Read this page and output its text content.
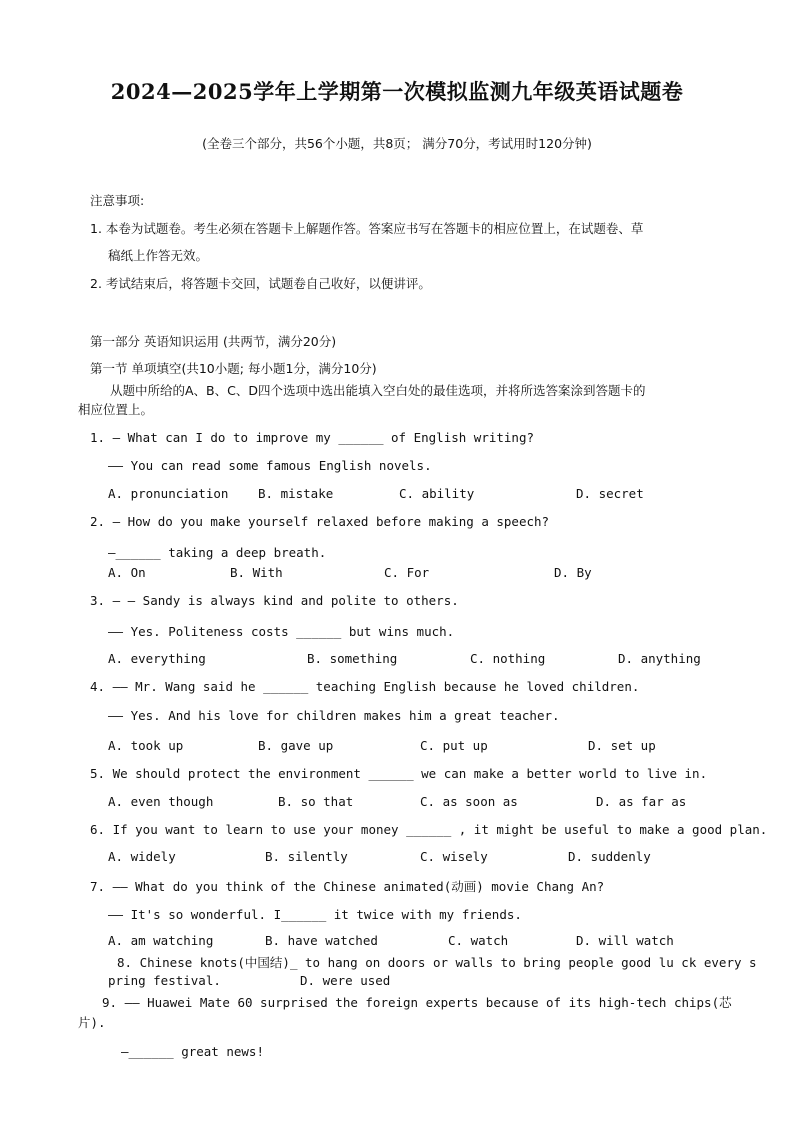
2024—2025学年上学期第一次模拟监测九年级英语试题卷
(全卷三个部分，共56个小题，共8页； 满分70分，考试用时120分钟)
注意事项:
1. 本卷为试题卷。考生必须在答题卡上解题作答。答案应书写在答题卡的相应位置上，在试题卷、草
稿纸上作答无效。
2. 考试结束后，将答题卡交回，试题卷自己收好，以便讲评。
第一部分 英语知识运用 (共两节，满分20分)
第一节 单项填空(共10小题; 每小题1分，满分10分)
从题中所给的A、B、C、D四个选项中选出能填入空白处的最佳选项，并将所选答案涂到答题卡的
相应位置上。
1. — What can I do to improve my ______ of English writing?
—— You can read some famous English novels.
A. pronunciation B. mistake	C. ability	D. secret
2. — How do you make yourself relaxed before making a speech?
—______ taking a deep breath.
A. On	B. With	C. For	D. By
3. — — Sandy is always kind and polite to others.
—— Yes. Politeness costs ______ but wins much.
A. everything	B. something	C. nothing	D. anything
4. —— Mr. Wang said he ______ teaching English because he loved children.
—— Yes. And his love for children makes him a great teacher.
A. took up	B. gave up	C. put up	D. set up
5. We should protect the environment ______ we can make a better world to live in.
A. even though	B. so that	C. as soon as	D. as far as
6. If you want to learn to use your money ______ , it might be useful to make a good plan.
A. widely	B. silently	C. wisely	D. suddenly
7. —— What do you think of the Chinese animated(动画) movie Chang An?
—— It's so wonderful. I______ it twice with my friends.
A. am watching	B. have watched	C. watch	D. will watch
8. Chinese knots(中国结)_ to hang on doors or walls to bring people good lu ck every s
pring festival.	D. were used
9. —— Huawei Mate 60 surprised the foreign experts because of its high-tech chips(芯
片).
—______ great news!
